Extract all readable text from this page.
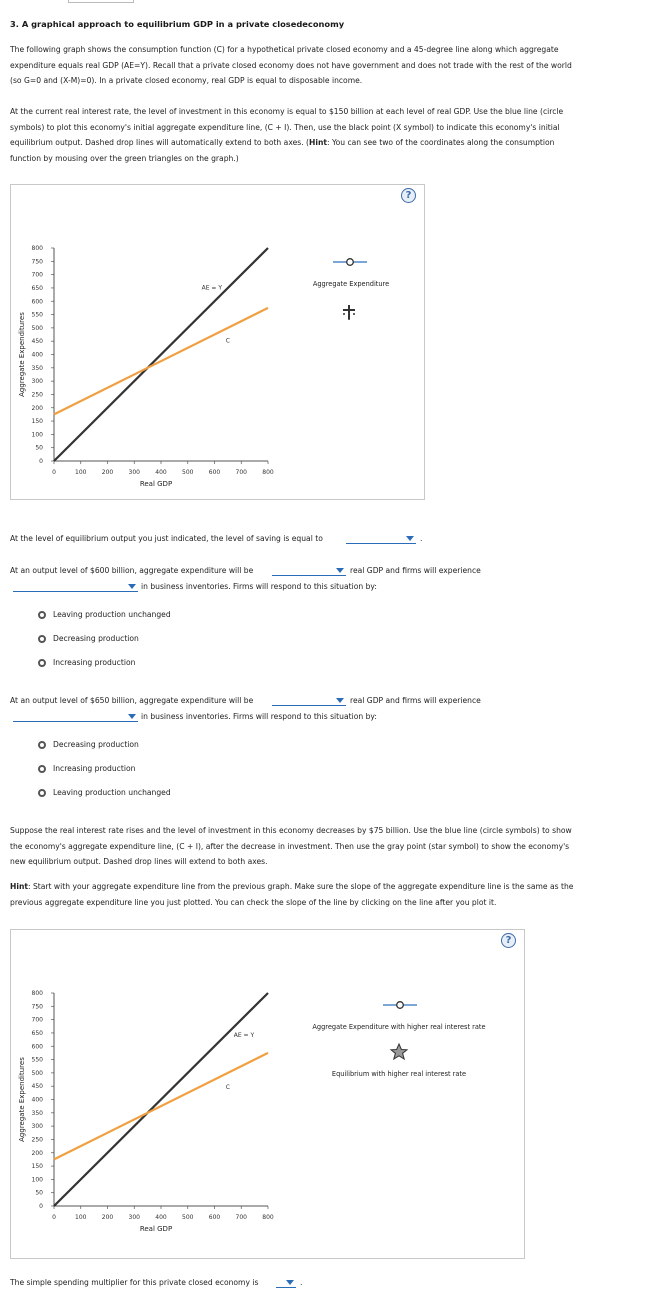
3. A graphical approach to equilibrium GDP in a private closedeconomy
The following graph shows the consumption function (C) for a hypothetical private closed economy and a 45-degree line along which aggregate
expenditure equals real GDP (AE=Y). Recall that a private closed economy does not have government and does not trade with the rest of the world
(so G=0 and (X-M)=0). In a private closed economy, real GDP is equal to disposable income.
At the current real interest rate, the level of investment in this economy is equal to $150 billion at each level of real GDP. Use the blue line (circle
symbols) to plot this economy's initial aggregate expenditure line, (C + I). Then, use the black point (X symbol) to indicate this economy's initial
equilibrium output. Dashed drop lines will automatically extend to both axes. (Hint: You can see two of the coordinates along the consumption
function by mousing over the green triangles on the graph.)
?
800
750
700
650
600
550
500
450
400
350
300
250
200
150
100
50
0
0	100	200	300	400	500	600	700	800
Real GDP
Aggregate Expenditures
AE = Y
C
Aggregate Expenditure
At the level of equilibrium output you just indicated, the level of saving is equal to	.
At an output level of $600 billion, aggregate expenditure will be	real GDP and firms will experience
in business inventories. Firms will respond to this situation by:
Leaving production unchanged
Decreasing production
Increasing production
At an output level of $650 billion, aggregate expenditure will be	real GDP and firms will experience
in business inventories. Firms will respond to this situation by:
Decreasing production
Increasing production
Leaving production unchanged
Suppose the real interest rate rises and the level of investment in this economy decreases by $75 billion. Use the blue line (circle symbols) to show
the economy's aggregate expenditure line, (C + I), after the decrease in investment. Then use the gray point (star symbol) to show the economy's
new equilibrium output. Dashed drop lines will extend to both axes.
Hint: Start with your aggregate expenditure line from the previous graph. Make sure the slope of the aggregate expenditure line is the same as the
previous aggregate expenditure line you just plotted. You can check the slope of the line by clicking on the line after you plot it.
?
800
750
700
650
600
550
500
450
400
350
300
250
200
150
100
50
0
0	100	200	300	400	500	600	700	800
Real GDP
Aggregate Expenditures
AE = Y
C
Aggregate Expenditure with higher real interest rate
Equilibrium with higher real interest rate
The simple spending multiplier for this private closed economy is	.
